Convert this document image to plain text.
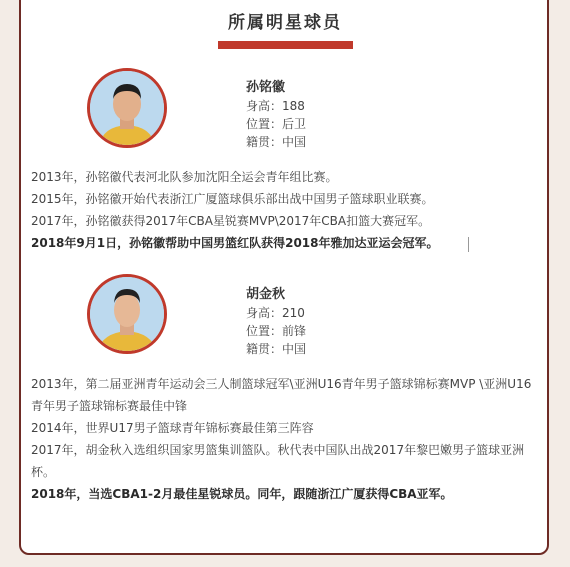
所属明星球员
孙铭徽
身高：188
位置：后卫
籍贯：中国

2013年，孙铭徽代表河北队参加沈阳全运会青年组比赛。

2015年，孙铭徽开始代表浙江广厦篮球俱乐部出战中国男子篮球职业联赛。

2017年，孙铭徽获得2017年CBA星锐赛MVP\2017年CBA扣篮大赛冠军。

2018年9月1日，孙铭徽帮助中国男篮红队获得2018年雅加达亚运会冠军。

胡金秋
身高：210
位置：前锋
籍贯：中国

2013年，第二届亚洲青年运动会三人制篮球冠军\亚洲U16青年男子篮球锦标赛MVP \亚洲U16青年男子篮球锦标赛最佳中锋

2014年，世界U17男子篮球青年锦标赛最佳第三阵容

2017年，胡金秋入选组织国家男篮集训篮队。秋代表中国队出战2017年黎巴嫩男子篮球亚洲杯。

2018年，当选CBA1-2月最佳星锐球员。同年，跟随浙江广厦获得CBA亚军。
